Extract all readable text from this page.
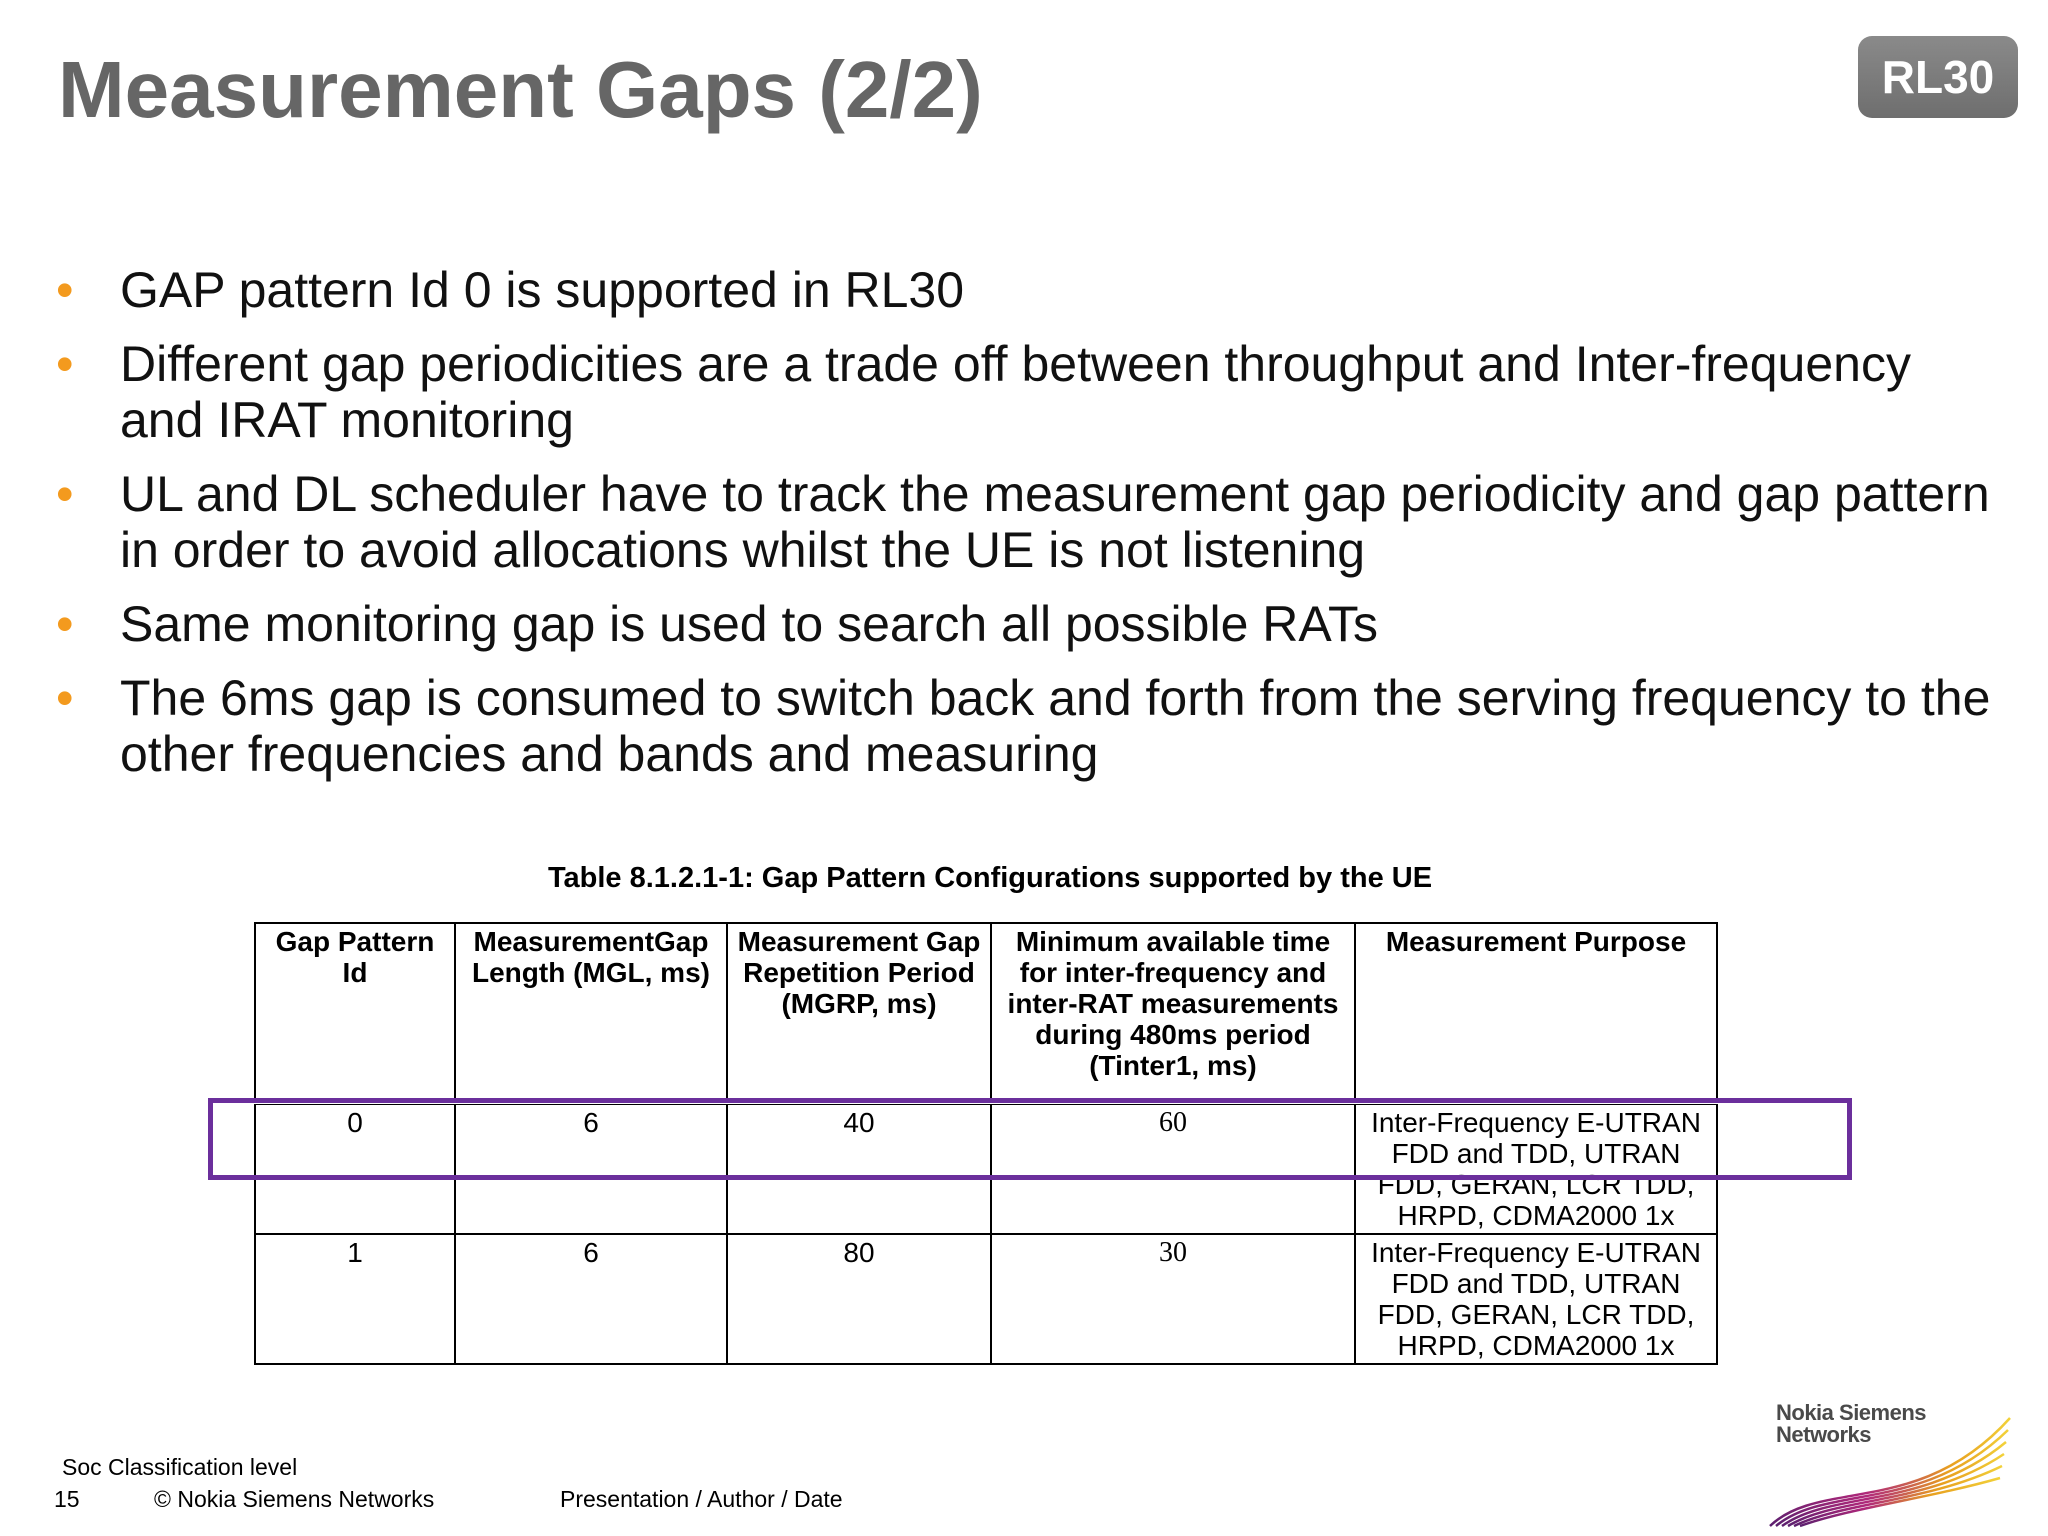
Measurement Gaps (2/2)	RL30
• GAP pattern Id 0 is supported in RL30
• Different gap periodicities are a trade off between throughput and Inter-frequency and IRAT monitoring
• UL and DL scheduler have to track the measurement gap periodicity and gap pattern in order to avoid allocations whilst the UE is not listening
• Same monitoring gap is used to search all possible RATs
• The 6ms gap is consumed to switch back and forth from the serving frequency to the other frequencies and bands and measuring
Table 8.1.2.1-1: Gap Pattern Configurations supported by the UE
Gap Pattern Id	MeasurementGap Length (MGL, ms)	Measurement Gap Repetition Period (MGRP, ms)	Minimum available time for inter-frequency and inter-RAT measurements during 480ms period (Tinter1, ms)	Measurement Purpose
0	6	40	60	Inter-Frequency E-UTRAN FDD and TDD, UTRAN FDD, GERAN, LCR TDD, HRPD, CDMA2000 1x
1	6	80	30	Inter-Frequency E-UTRAN FDD and TDD, UTRAN FDD, GERAN, LCR TDD, HRPD, CDMA2000 1x
Soc Classification level
15	© Nokia Siemens Networks	Presentation / Author / Date
Nokia Siemens
Networks
